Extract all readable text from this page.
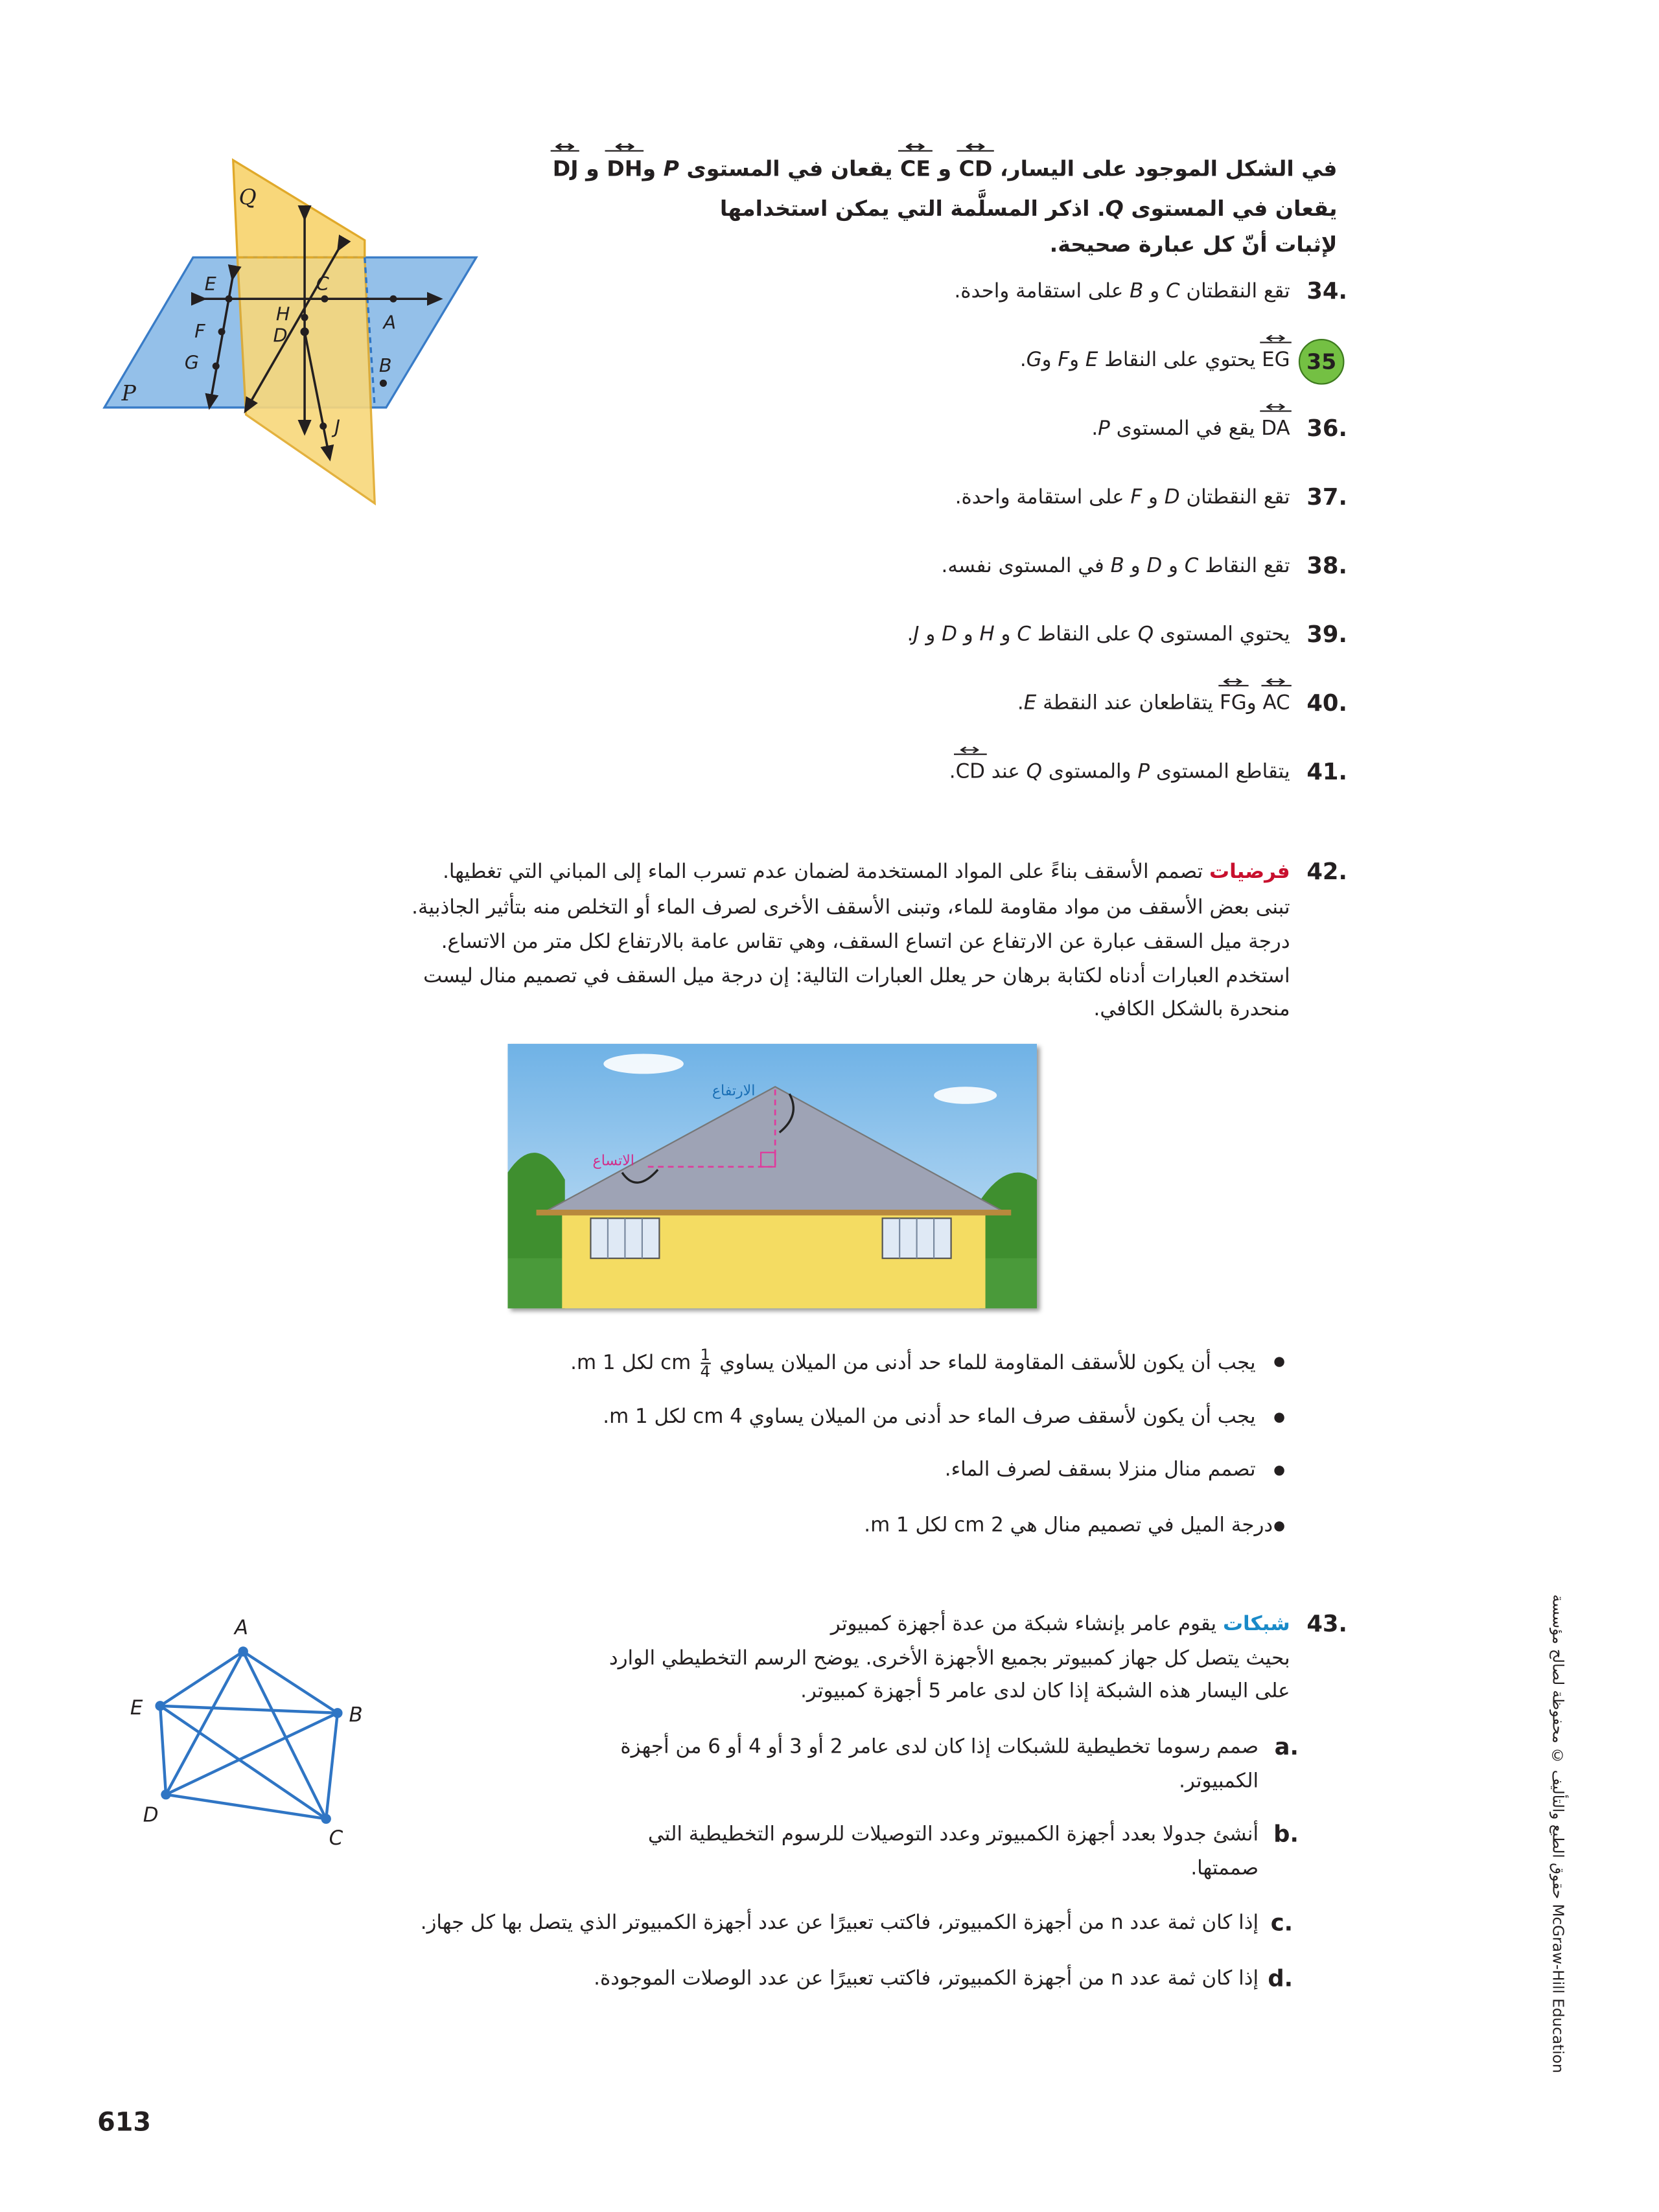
Q
P
E	C
H
D
A
F
G	B
J
42.
فرضيات تصمم الأسقف بناءً على المواد المستخدمة لضمان عدم تسرب الماء إلى المباني التي تغطيها.
تبنى بعض الأسقف من مواد مقاومة للماء، وتبنى الأسقف الأخرى لصرف الماء أو التخلص منه بتأثير الجاذبية.
درجة ميل السقف عبارة عن الارتفاع عن اتساع السقف، وهي تقاس عامة بالارتفاع لكل متر من الاتساع.
استخدم العبارات أدناه لكتابة برهان حر يعلل العبارات التالية: إن درجة ميل السقف في تصميم منال ليست
منحدرة بالشكل الكافي.
الارتفاع
الاتساع
يجب أن يكون للأسقف المقاومة للماء حد أدنى من الميلان يساوي
$\frac{1}{4}$
cm لكل 1 m.
يجب أن يكون لأسقف صرف الماء حد أدنى من الميلان يساوي 4 cm لكل 1 m.
تصمم منال منزلا بسقف لصرف الماء.
درجة الميل في تصميم منال هي 2 cm لكل 1 m.
43.
شبكات يقوم عامر بإنشاء شبكة من عدة أجهزة كمبيوتر
بحيث يتصل كل جهاز كمبيوتر بجميع الأجهزة الأخرى. يوضح الرسم التخطيطي الوارد
على اليسار هذه الشبكة إذا كان لدى عامر 5 أجهزة كمبيوتر.
a.
صمم رسوما تخطيطية للشبكات إذا كان لدى عامر 2 أو 3 أو 4 أو 6 من أجهزة
الكمبيوتر.
b.
أنشئ جدولا بعدد أجهزة الكمبيوتر وعدد التوصيلات للرسوم التخطيطية التي
صممتها.
c.
إذا كان ثمة عدد n من أجهزة الكمبيوتر، فاكتب تعبيرًا عن عدد أجهزة الكمبيوتر الذي يتصل بها كل جهاز.
d.
إذا كان ثمة عدد n من أجهزة الكمبيوتر، فاكتب تعبيرًا عن عدد الوصلات الموجودة.
A
B
C
D
E
613
حقوق الطبع والتأليف © محفوظة لصالح مؤسسة McGraw-Hill Education
في الشكل الموجود على اليسار، CD ↔ و CE ↔ يقعان في المستوى P وDH ↔ و DJ ↔
يقعان في المستوى Q. اذكر المسلَّمة التي يمكن استخدامها
لإثبات أنّ كل عبارة صحيحة.
34.
تقع النقطتان C و B على استقامة واحدة.
35
EG ↔ يحتوي على النقاط E وF وG.
36.
DA ↔ يقع في المستوى P.
37.
تقع النقطتان D و F على استقامة واحدة.
38.
تقع النقاط C و D و B في المستوى نفسه.
39.
يحتوي المستوى Q على النقاط C و H و D و J.
40.
AC ↔ وFG ↔ يتقاطعان عند النقطة E.
41.
يتقاطع المستوى P والمستوى Q عند CD ↔.
